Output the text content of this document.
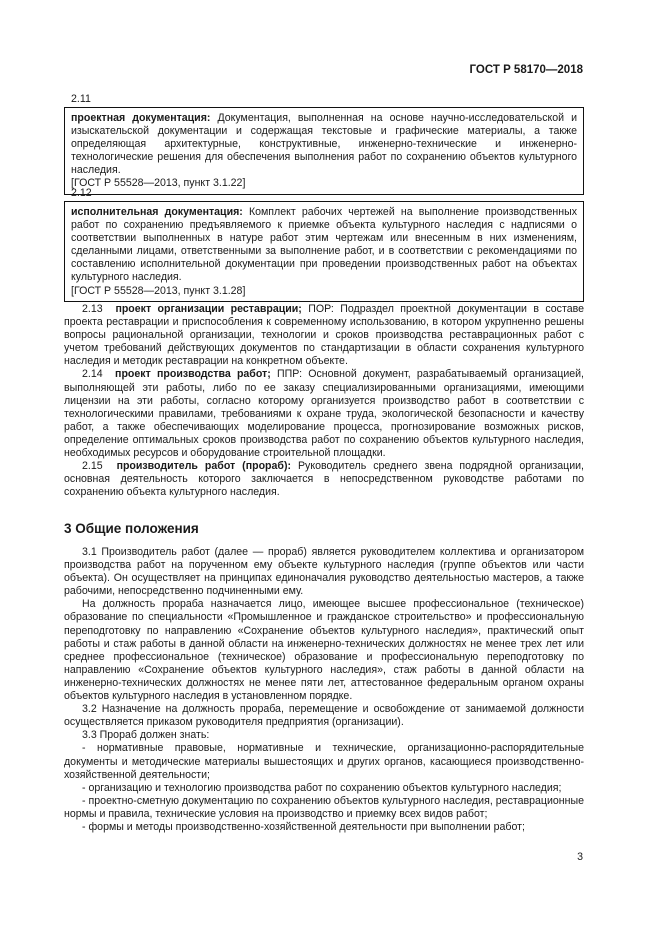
ГОСТ Р 58170—2018
2.11

проектная документация: Документация, выполненная на основе научно-исследовательской и изыскательской документации и содержащая текстовые и графические материалы, а также определяющая архитектурные, конструктивные, инженерно-технические и инженерно-технологические решения для обеспечения выполнения работ по сохранению объектов культурного наследия.

[ГОСТ Р 55528—2013, пункт 3.1.22]

2.12

исполнительная документация: Комплект рабочих чертежей на выполнение производственных работ по сохранению предъявляемого к приемке объекта культурного наследия с надписями о соответствии выполненных в натуре работ этим чертежам или внесенным в них изменениям, сделанными лицами, ответственными за выполнение работ, и в соответствии с рекомендациями по составлению исполнительной документации при проведении производственных работ на объектах культурного наследия.

[ГОСТ Р 55528—2013, пункт 3.1.28]

2.13 проект организации реставрации; ПОР: Подраздел проектной документации в составе проекта реставрации и приспособления к современному использованию, в котором укрупненно решены вопросы рациональной организации, технологии и сроков производства реставрационных работ с учетом требований действующих документов по стандартизации в области сохранения культурного наследия и методик реставрации на конкретном объекте.

2.14 проект производства работ; ППР: Основной документ, разрабатываемый организацией, выполняющей эти работы, либо по ее заказу специализированными организациями, имеющими лицензии на эти работы, согласно которому организуется производство работ в соответствии с технологическими правилами, требованиями к охране труда, экологической безопасности и качеству работ, а также обеспечивающих моделирование процесса, прогнозирование возможных рисков, определение оптимальных сроков производства работ по сохранению объектов культурного наследия, необходимых ресурсов и оборудование строительной площадки.

2.15 производитель работ (прораб): Руководитель среднего звена подрядной организации, основная деятельность которого заключается в непосредственном руководстве работами по сохранению объекта культурного наследия.

3 Общие положения

3.1 Производитель работ (далее — прораб) является руководителем коллектива и организатором производства работ на порученном ему объекте культурного наследия (группе объектов или части объекта). Он осуществляет на принципах единоначалия руководство деятельностью мастеров, а также рабочими, непосредственно подчиненными ему.

На должность прораба назначается лицо, имеющее высшее профессиональное (техническое) образование по специальности «Промышленное и гражданское строительство» и профессиональную переподготовку по направлению «Сохранение объектов культурного наследия», практический опыт работы и стаж работы в данной области на инженерно-технических должностях не менее трех лет или среднее профессиональное (техническое) образование и профессиональную переподготовку по направлению «Сохранение объектов культурного наследия», стаж работы в данной области на инженерно-технических должностях не менее пяти лет, аттестованное федеральным органом охраны объектов культурного наследия в установленном порядке.

3.2 Назначение на должность прораба, перемещение и освобождение от занимаемой должности осуществляется приказом руководителя предприятия (организации).

3.3 Прораб должен знать:

- нормативные правовые, нормативные и технические, организационно-распорядительные документы и методические материалы вышестоящих и других органов, касающиеся производственно-хозяйственной деятельности;

- организацию и технологию производства работ по сохранению объектов культурного наследия;

- проектно-сметную документацию по сохранению объектов культурного наследия, реставрационные нормы и правила, технические условия на производство и приемку всех видов работ;

- формы и методы производственно-хозяйственной деятельности при выполнении работ;

3
